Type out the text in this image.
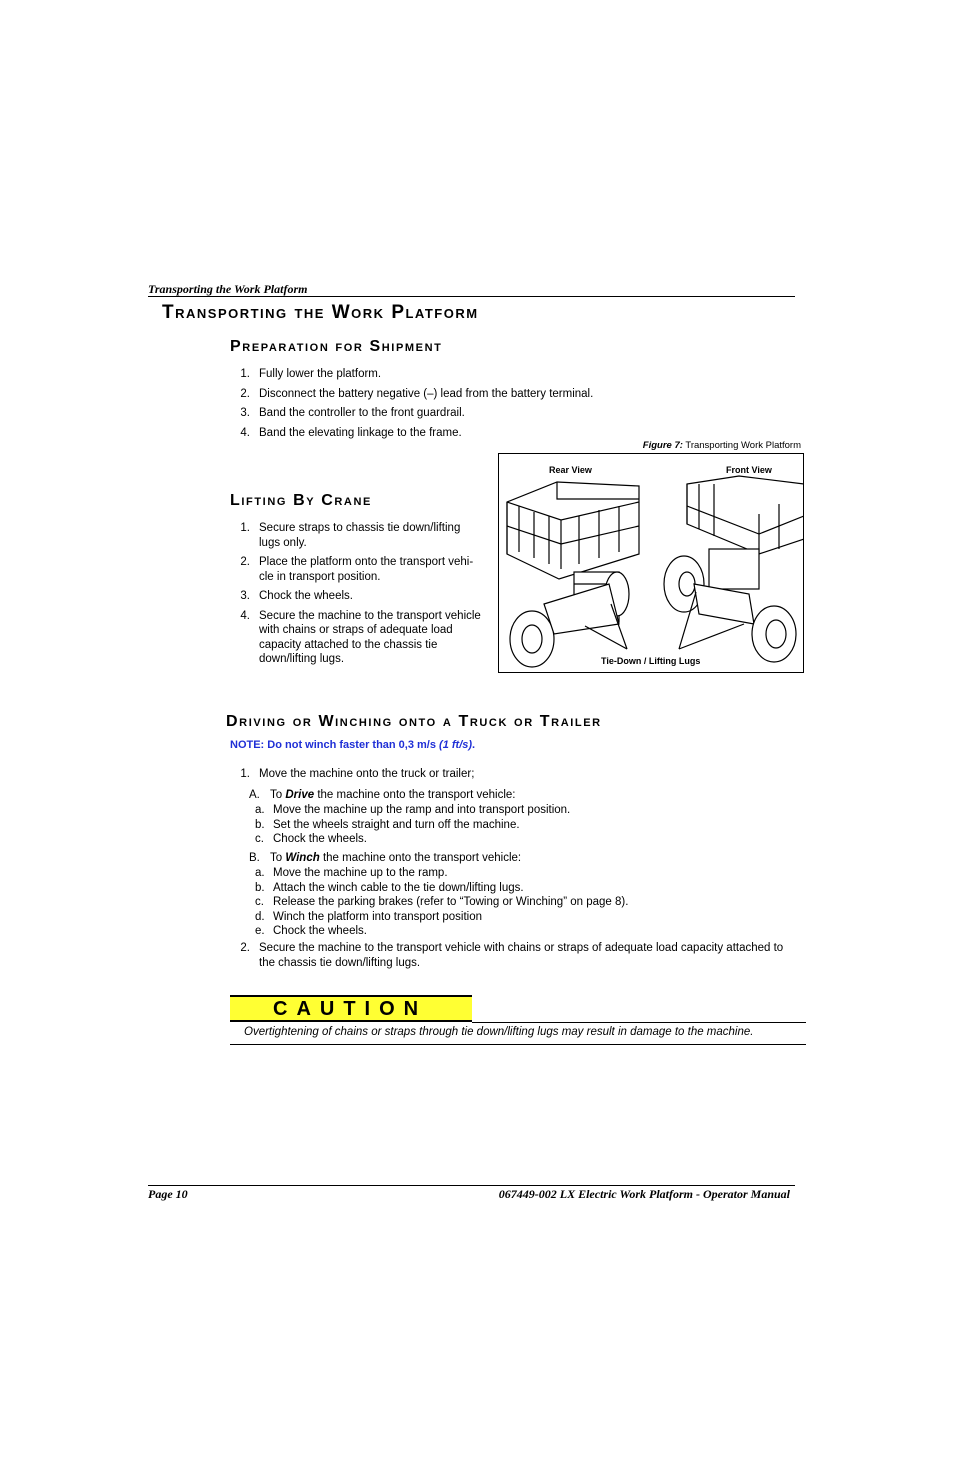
Transporting the Work Platform
Transporting the Work Platform
Preparation for Shipment
1. Fully lower the platform.
2. Disconnect the battery negative (–) lead from the battery terminal.
3. Band the controller to the front guardrail.
4. Band the elevating linkage to the frame.
Figure 7: Transporting Work Platform
Rear View	Front View
Tie-Down / Lifting Lugs
Lifting By Crane
1. Secure straps to chassis tie down/lifting
lugs only.
2. Place the platform onto the transport vehi-
cle in transport position.
3. Chock the wheels.
4. Secure the machine to the transport vehicle
with chains or straps of adequate load
capacity attached to the chassis tie
down/lifting lugs.
Driving or Winching onto a Truck or Trailer
NOTE: Do not winch faster than 0,3 m/s (1 ft/s).
1. Move the machine onto the truck or trailer;
A. To Drive the machine onto the transport vehicle:
a. Move the machine up the ramp and into transport position.
b. Set the wheels straight and turn off the machine.
c. Chock the wheels.
B. To Winch the machine onto the transport vehicle:
a. Move the machine up to the ramp.
b. Attach the winch cable to the tie down/lifting lugs.
c. Release the parking brakes (refer to “Towing or Winching” on page 8).
d. Winch the platform into transport position
e. Chock the wheels.
2. Secure the machine to the transport vehicle with chains or straps of adequate load capacity attached to
the chassis tie down/lifting lugs.
CAUTION
Overtightening of chains or straps through tie down/lifting lugs may result in damage to the machine.
Page 10	067449-002 LX Electric Work Platform - Operator Manual
